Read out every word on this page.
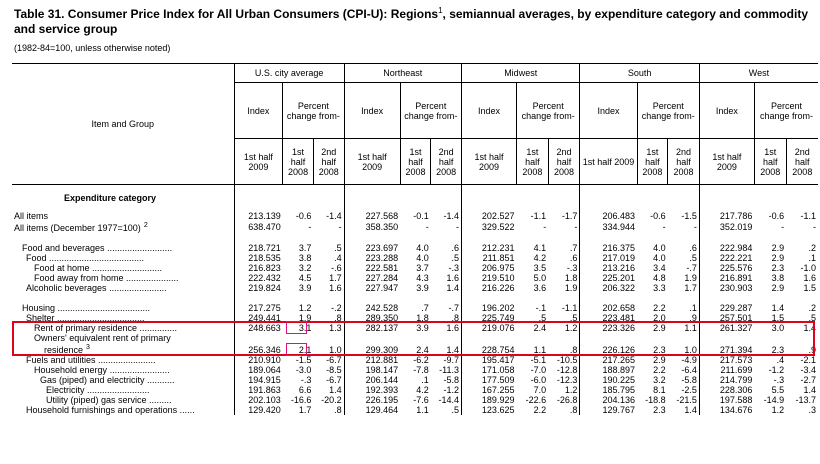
Table 31. Consumer Price Index for All Urban Consumers (CPI-U): Regions$^1$, semiannual averages, by expenditure category and commodity and service group
(1982-84=100, unless otherwise noted)
Item and Group	U.S. city average			Northeast			Midwest			South			West		
	Index	Percent change from-		Index	Percent change from-		Index	Percent change from-		Index	Percent change from-		Index	Percent change from-	
	1st half 2009	1st half 2008	2nd half 2008	1st half 2009	1st half 2008	2nd half 2008	1st half 2009	1st half 2008	2nd half 2008	1st half 2009	1st half 2008	2nd half 2008	1st half 2009	1st half 2008	2nd half 2008
Expenditure category															
All items	213.139	-0.6	-1.4	227.568	-0.1	-1.4	202.527	-1.1	-1.7	206.483	-0.6	-1.5	217.786	-0.6	-1.1
All items (December 1977=100) $^2$	638.470	-	-	358.350	-	-	329.522	-	-	334.944	-	-	352.019	-	-

Food and beverages ..........................	218.721	3.7	.5	223.697	4.0	.6	212.231	4.1	.7	216.375	4.0	.6	222.984	2.9	.2
Food ......................................	218.535	3.8	.4	223.288	4.0	.5	211.851	4.2	.6	217.019	4.0	.5	222.221	2.9	.1
Food at home ............................	216.823	3.2	-.6	222.581	3.7	-.3	206.975	3.5	-.3	213.216	3.4	-.7	225.576	2.3	-1.0
Food away from home .....................	222.432	4.5	1.7	227.284	4.3	1.6	219.510	5.0	1.8	225.201	4.8	1.9	216.891	3.8	1.6
Alcoholic beverages .......................	219.824	3.9	1.6	227.947	3.9	1.4	216.226	3.6	1.9	206.322	3.3	1.7	230.903	2.9	1.5

Housing .....................................	217.275	1.2	-.2	242.528	.7	-.7	196.202	-.1	-1.1	202.658	2.2	.1	229.287	1.4	.2
Shelter ...................................	249.441	1.9	.8	289.350	1.8	.8	225.749	.5	.5	223.481	2.0	.9	257.501	1.5	.5
Rent of primary residence ...............	248.663	3.1	1.3	282.137	3.9	1.6	219.076	2.4	1.2	223.326	2.9	1.1	261.327	3.0	1.4
Owners' equivalent rent of primary
residence $^3$	256.346	2.1	1.0	299.309	2.4	1.4	228.754	1.1	.8	226.126	2.3	1.0	271.394	2.3	.9
Fuels and utilities .......................	210.910	-1.5	-6.7	212.881	-6.2	-9.7	195.417	-5.1	-10.5	217.265	2.9	-4.9	217.573	.4	-2.1
Household energy ........................	189.064	-3.0	-8.5	198.147	-7.8	-11.3	171.058	-7.0	-12.8	188.897	2.2	-6.4	211.699	-1.2	-3.4
Gas (piped) and electricity ...........	194.915	-.3	-6.7	206.144	.1	-5.8	177.509	-6.0	-12.3	190.225	3.2	-5.8	214.799	-.3	-2.7
Electricity .........................	191.863	6.6	1.4	192.393	4.2	-1.2	167.255	7.0	1.2	185.795	8.1	-2.5	228.306	5.5	1.4
Utility (piped) gas service .........	202.103	-16.6	-20.2	226.195	-7.6	-14.4	189.929	-22.6	-26.8	204.136	-18.8	-21.5	197.588	-14.9	-13.7
Household furnishings and operations ......	129.420	1.7	.8	129.464	1.1	.5	123.625	2.2	.8	129.767	2.3	1.4	134.676	1.2	.3
